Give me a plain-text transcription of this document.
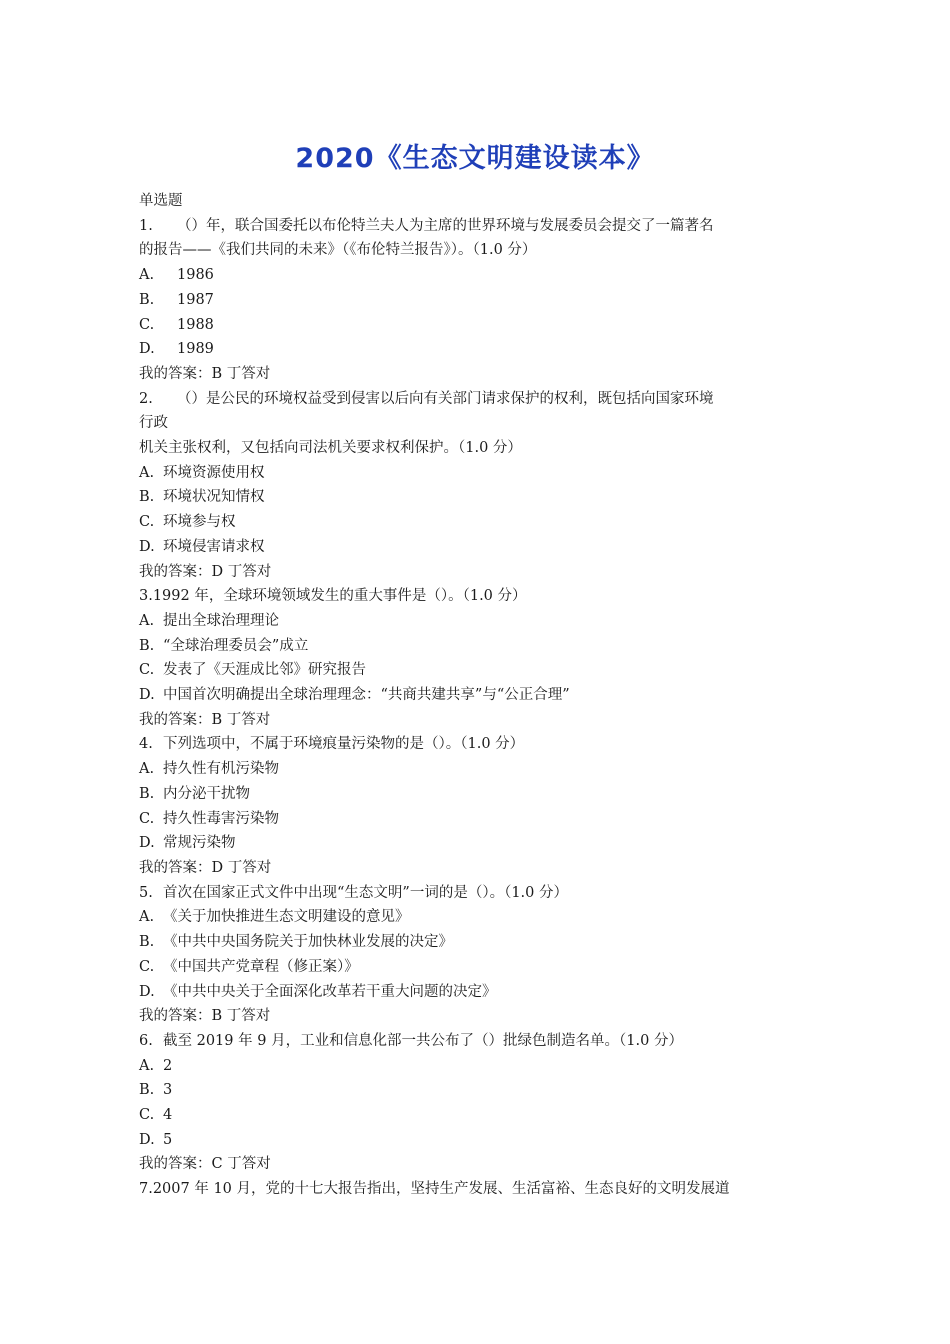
2020《生态文明建设读本》
单选题
1. （）年，联合国委托以布伦特兰夫人为主席的世界环境与发展委员会提交了一篇著名
的报告——《我们共同的未来》（《布伦特兰报告》）。（1.0 分）
A.	1986
B.	1987
C.	1988
D.	1989
我的答案：B 丁答对
2. （）是公民的环境权益受到侵害以后向有关部门请求保护的权利，既包括向国家环境
行政
机关主张权利，又包括向司法机关要求权利保护。（1.0 分）
A. 环境资源使用权
B. 环境状况知情权
C. 环境参与权
D. 环境侵害请求权
我的答案：D 丁答对
3.1992 年，全球环境领域发生的重大事件是（）。（1.0 分）
A. 提出全球治理理论
B. “全球治理委员会”成立
C. 发表了《天涯成比邻》研究报告
D. 中国首次明确提出全球治理理念：“共商共建共享”与“公正合理”
我的答案：B 丁答对
4. 下列选项中，不属于环境痕量污染物的是（）。（1.0 分）
A. 持久性有机污染物
B. 内分泌干扰物
C. 持久性毒害污染物
D. 常规污染物
我的答案：D 丁答对
5. 首次在国家正式文件中出现“生态文明”一词的是（）。（1.0 分）
A. 《关于加快推进生态文明建设的意见》
B. 《中共中央国务院关于加快林业发展的决定》
C. 《中国共产党章程（修正案）》
D. 《中共中央关于全面深化改革若干重大问题的决定》
我的答案：B 丁答对
6. 截至 2019 年 9 月，工业和信息化部一共公布了（）批绿色制造名单。（1.0 分）
A. 2
B. 3
C. 4
D. 5
我的答案：C 丁答对
7.2007 年 10 月，党的十七大报告指出，坚持生产发展、生活富裕、生态良好的文明发展道
